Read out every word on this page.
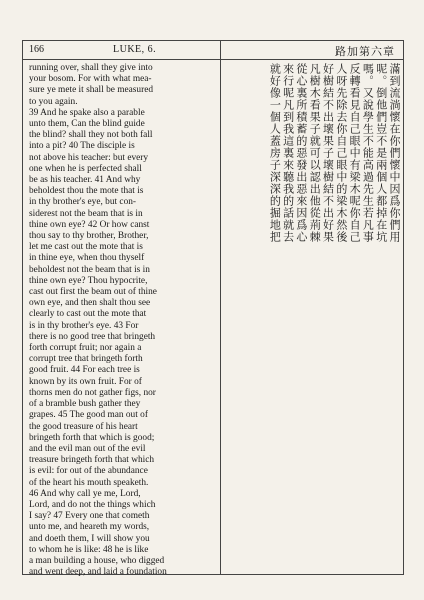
166	LUKE, 6.	路加第六章
running over, shall they give into
your bosom. For with what mea-
sure ye mete it shall be measured
to you again.
39 And he spake also a parable
unto them, Can the blind guide
the blind? shall they not both fall
into a pit? 40 The disciple is
not above his teacher: but every
one when he is perfected shall
be as his teacher. 41 And why
beholdest thou the mote that is
in thy brother's eye, but con-
siderest not the beam that is in
thine own eye? 42 Or how canst
thou say to thy brother, Brother,
let me cast out the mote that is
in thine eye, when thou thyself
beholdest not the beam that is in
thine own eye? Thou hypocrite,
cast out first the beam out of thine
own eye, and then shalt thou see
clearly to cast out the mote that
is in thy brother's eye. 43 For
there is no good tree that bringeth
forth corrupt fruit; nor again a
corrupt tree that bringeth forth
good fruit. 44 For each tree is
known by its own fruit. For of
thorns men do not gather figs, nor
of a bramble bush gather they
grapes. 45 The good man out of
the good treasure of his heart
bringeth forth that which is good;
and the evil man out of the evil
treasure bringeth forth that which
is evil: for out of the abundance
of the heart his mouth speaketh.
46 And why call ye me, Lord,
Lord, and do not the things which
I say? 47 Every one that cometh
unto me, and heareth my words,
and doeth them, I will show you
to whom he is like: 48 he is like
a man building a house, who digged
and went deep, and laid a foundation
滿到流淌懷在你們懷中因爲你們用
呢。倒他們豈不是兩個人都掉在坑
嗎。又說學生不能高過先生若凡事
反轉看見自己眼中有梁木呢你自己
人呀先除去你自己眼中的梁木然後
好樹結不出壞果子壞樹結不出好果
凡樹木看果子就可以認出他從荊棘
從心裏所積蓄的惡發出惡來因爲心
來行呢凡到我這裏來聽我的話就去
就好像一個人蓋房子深深的掘地把
